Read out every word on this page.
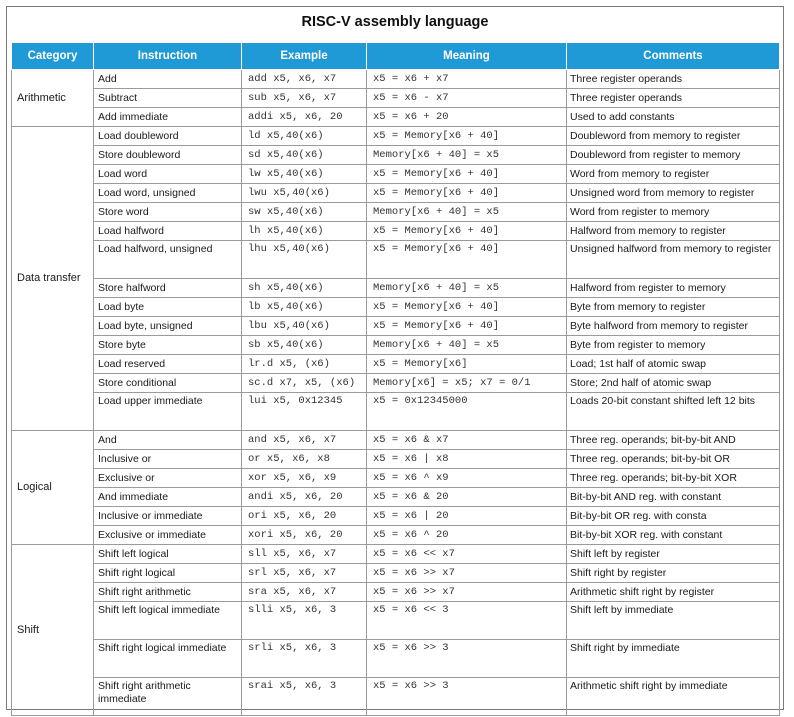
RISC-V assembly language
Category	Instruction	Example	Meaning	Comments
Arithmetic	Add	add x5, x6, x7	x5 = x6 + x7	Three register operands
	Subtract	sub x5, x6, x7	x5 = x6 - x7	Three register operands
	Add immediate	addi x5, x6, 20	x5 = x6 + 20	Used to add constants
Data transfer	Load doubleword	ld x5,40(x6)	x5 = Memory[x6 + 40]	Doubleword from memory to register
	Store doubleword	sd x5,40(x6)	Memory[x6 + 40] = x5	Doubleword from register to memory
	Load word	lw x5,40(x6)	x5 = Memory[x6 + 40]	Word from memory to register
	Load word, unsigned	lwu x5,40(x6)	x5 = Memory[x6 + 40]	Unsigned word from memory to register
	Store word	sw x5,40(x6)	Memory[x6 + 40] = x5	Word from register to memory
	Load halfword	lh x5,40(x6)	x5 = Memory[x6 + 40]	Halfword from memory to register
	Load halfword, unsigned	lhu x5,40(x6)	x5 = Memory[x6 + 40]	Unsigned halfword from memory to register
	Store halfword	sh x5,40(x6)	Memory[x6 + 40] = x5	Halfword from register to memory
	Load byte	lb x5,40(x6)	x5 = Memory[x6 + 40]	Byte from memory to register
	Load byte, unsigned	lbu x5,40(x6)	x5 = Memory[x6 + 40]	Byte halfword from memory to register
	Store byte	sb x5,40(x6)	Memory[x6 + 40] = x5	Byte from register to memory
	Load reserved	lr.d x5, (x6)	x5 = Memory[x6]	Load; 1st half of atomic swap
	Store conditional	sc.d x7, x5, (x6)	Memory[x6] = x5; x7 = 0/1	Store; 2nd half of atomic swap
	Load upper immediate	lui x5, 0x12345	x5 = 0x12345000	Loads 20-bit constant shifted left 12 bits
Logical	And	and x5, x6, x7	x5 = x6 & x7	Three reg. operands; bit-by-bit AND
	Inclusive or	or x5, x6, x8	x5 = x6 | x8	Three reg. operands; bit-by-bit OR
	Exclusive or	xor x5, x6, x9	x5 = x6 ^ x9	Three reg. operands; bit-by-bit XOR
	And immediate	andi x5, x6, 20	x5 = x6 & 20	Bit-by-bit AND reg. with constant
	Inclusive or immediate	ori x5, x6, 20	x5 = x6 | 20	Bit-by-bit OR reg. with consta
	Exclusive or immediate	xori x5, x6, 20	x5 = x6 ^ 20	Bit-by-bit XOR reg. with constant
Shift	Shift left logical	sll x5, x6, x7	x5 = x6 << x7	Shift left by register
	Shift right logical	srl x5, x6, x7	x5 = x6 >> x7	Shift right by register
	Shift right arithmetic	sra x5, x6, x7	x5 = x6 >> x7	Arithmetic shift right by register
	Shift left logical immediate	slli x5, x6, 3	x5 = x6 << 3	Shift left by immediate
	Shift right logical immediate	srli x5, x6, 3	x5 = x6 >> 3	Shift right by immediate
	Shift right arithmetic immediate	srai x5, x6, 3	x5 = x6 >> 3	Arithmetic shift right by immediate
